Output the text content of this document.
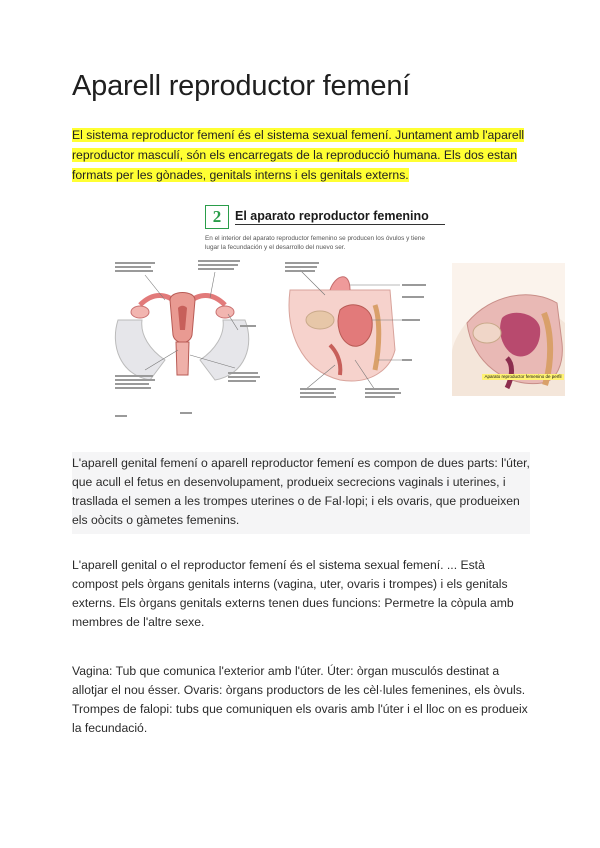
Aparell reproductor femení
El sistema reproductor femení és el sistema sexual femení. Juntament amb l'aparell reproductor masculí, són els encarregats de la reproducció humana. Els dos estan formats per les gònades, genitals interns i els genitals externs.
2	El aparato reproductor femenino
En el interior del aparato reproductor femenino se producen los óvulos y tiene lugar la fecundación y el desarrollo del nuevo ser.
Aparato reproductor femenino de perfil

L'aparell genital femení o aparell reproductor femení es compon de dues parts: l'úter, que acull el fetus en desenvolupament, produeix secrecions vaginals i uterines, i trasllada el semen a les trompes uterines o de Fal·lopi; i els ovaris, que produeixen els oòcits o gàmetes femenins.

L'aparell genital o el reproductor femení és el sistema sexual femení. ... Està compost pels òrgans genitals interns (vagina, uter, ovaris i trompes) i els genitals externs. Els òrgans genitals externs tenen dues funcions: Permetre la còpula amb membres de l'altre sexe.

Vagina: Tub que comunica l'exterior amb l'úter. Úter: òrgan musculós destinat a allotjar el nou ésser. Ovaris: òrgans productors de les cèl·lules femenines, els òvuls. Trompes de falopi: tubs que comuniquen els ovaris amb l'úter i el lloc on es produeix la fecundació.
